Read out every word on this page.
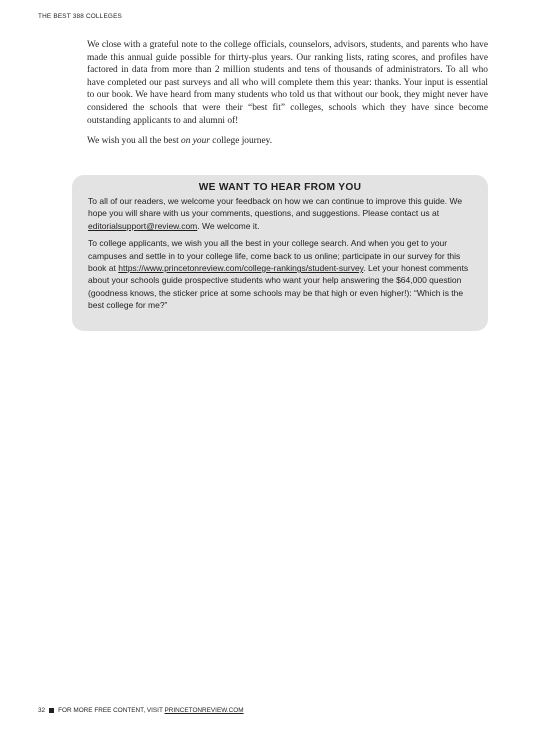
THE BEST 388 COLLEGES

We close with a grateful note to the college officials, counselors, advisors, students, and parents who have made this annual guide possible for thirty-plus years. Our ranking lists, rating scores, and profiles have factored in data from more than 2 million students and tens of thousands of administrators. To all who have completed our past surveys and all who will complete them this year: thanks. Your input is essential to our book. We have heard from many students who told us that without our book, they might never have considered the schools that were their “best fit” colleges, schools which they have since become outstanding applicants to and alumni of!

We wish you all the best on your college journey.

WE WANT TO HEAR FROM YOU

To all of our readers, we welcome your feedback on how we can continue to improve this guide. We hope you will share with us your comments, questions, and suggestions. Please contact us at editorialsupport@review.com. We welcome it.

To college applicants, we wish you all the best in your college search. And when you get to your campuses and settle in to your college life, come back to us online; participate in our survey for this book at https://www.princetonreview.com/college-rankings/student-survey. Let your honest comments about your schools guide prospective students who want your help answering the $64,000 question (goodness knows, the sticker price at some schools may be that high or even higher!): “Which is the best college for me?”

32 FOR MORE FREE CONTENT, VISIT PRINCETONREVIEW.COM
